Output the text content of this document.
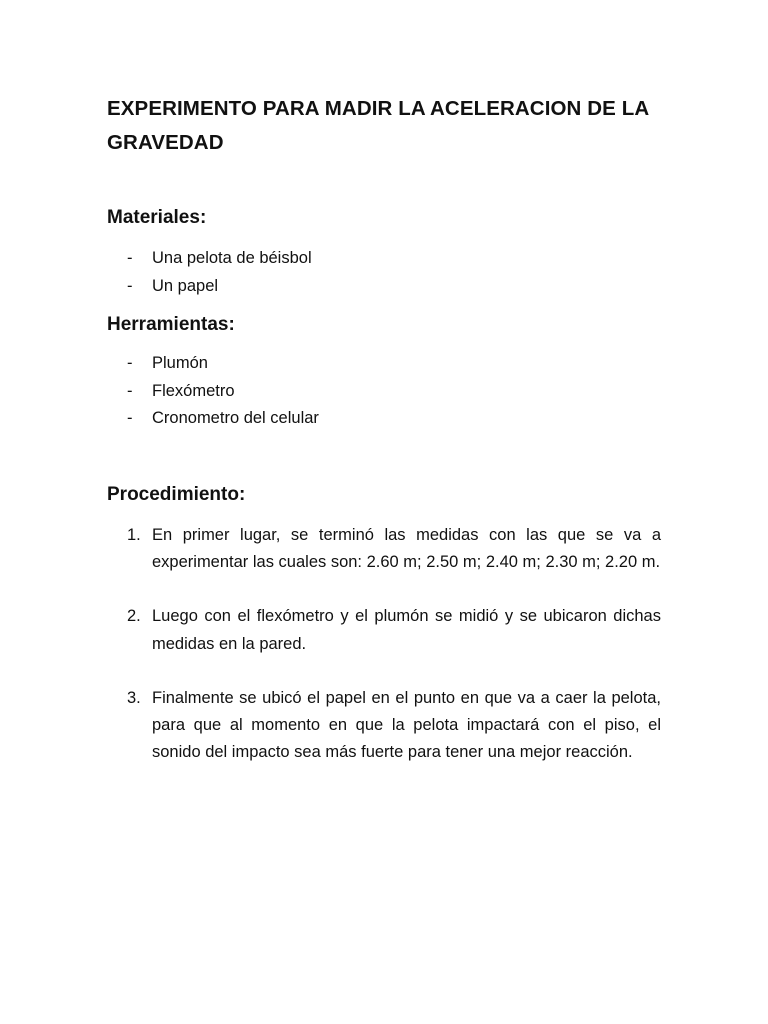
EXPERIMENTO PARA MADIR LA ACELERACION DE LA GRAVEDAD
Materiales:
- Una pelota de béisbol
- Un papel
Herramientas:
- Plumón
- Flexómetro
- Cronometro del celular
Procedimiento:
1. En primer lugar, se terminó las medidas con las que se va a experimentar las cuales son: 2.60 m; 2.50 m; 2.40 m; 2.30 m; 2.20 m.
2. Luego con el flexómetro y el plumón se midió y se ubicaron dichas medidas en la pared.
3. Finalmente se ubicó el papel en el punto en que va a caer la pelota, para que al momento en que la pelota impactará con el piso, el sonido del impacto sea más fuerte para tener una mejor reacción.
